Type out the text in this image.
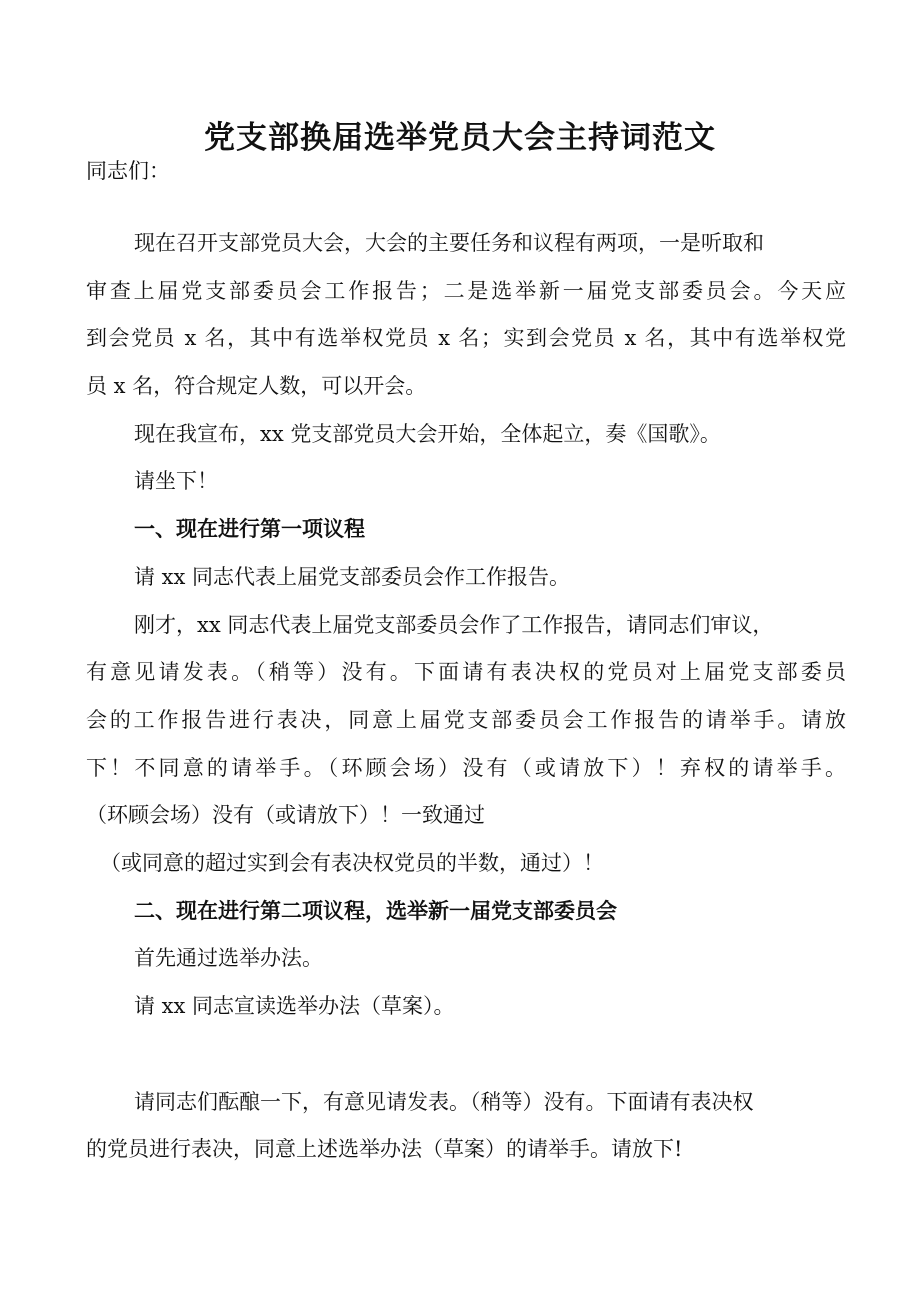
党支部换届选举党员大会主持词范文

同志们：

现在召开支部党员大会，大会的主要任务和议程有两项，一是听取和

审查上届党支部委员会工作报告；二是选举新一届党支部委员会。今天应

到会党员 x 名，其中有选举权党员 x 名；实到会党员 x 名，其中有选举权党

员 x 名，符合规定人数，可以开会。

现在我宣布，xx 党支部党员大会开始，全体起立，奏《国歌》。

请坐下！

一、现在进行第一项议程

请 xx 同志代表上届党支部委员会作工作报告。

刚才，xx 同志代表上届党支部委员会作了工作报告，请同志们审议，

有意见请发表。（稍等）没有。下面请有表决权的党员对上届党支部委员

会的工作报告进行表决，同意上届党支部委员会工作报告的请举手。请放

下！不同意的请举手。（环顾会场）没有（或请放下）！弃权的请举手。

（环顾会场）没有（或请放下）！一致通过

（或同意的超过实到会有表决权党员的半数，通过）！

二、现在进行第二项议程，选举新一届党支部委员会

首先通过选举办法。

请 xx 同志宣读选举办法（草案）。

请同志们酝酿一下，有意见请发表。（稍等）没有。下面请有表决权

的党员进行表决，同意上述选举办法（草案）的请举手。请放下!
